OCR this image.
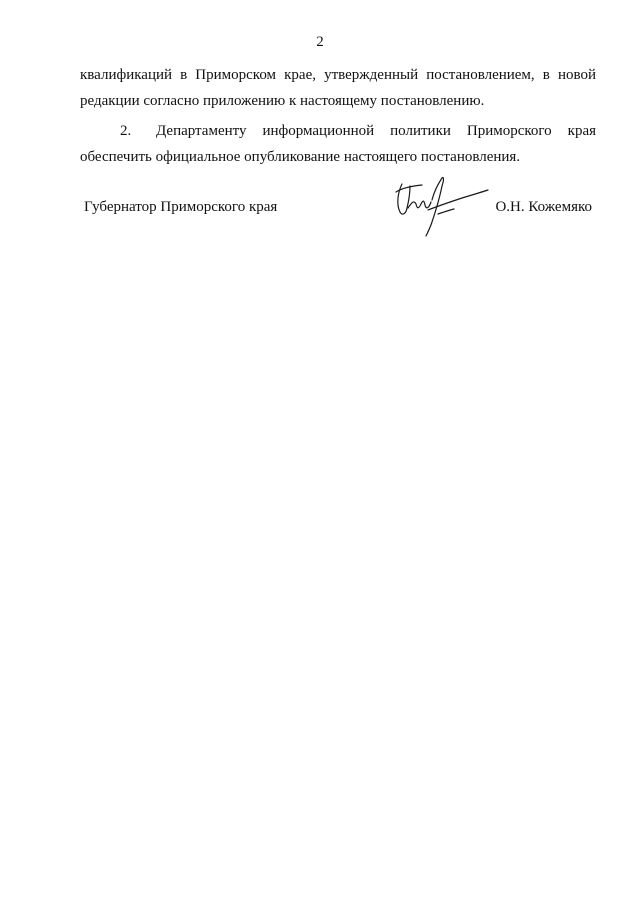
2
квалификаций в Приморском крае, утвержденный постановлением, в новой редакции согласно приложению к настоящему постановлению.
2. Департаменту информационной политики Приморского края обеспечить официальное опубликование настоящего постановления.
Губернатор Приморского края	О.Н. Кожемяко
